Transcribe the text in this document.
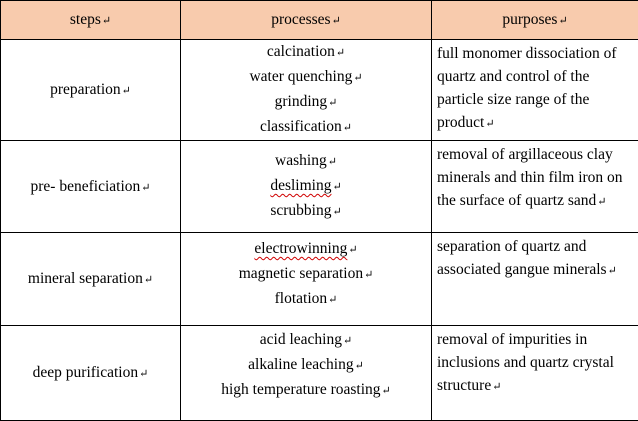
steps↵	processes↵	purposes↵
preparation↵	calcination↵
water quenching↵
grinding↵
classification↵	full monomer dissociation of quartz and control of the particle size range of the product↵
pre- beneficiation↵	washing↵
desliming↵
scrubbing↵	removal of argillaceous clay minerals and thin film iron on the surface of quartz sand↵
mineral separation↵	electrowinning↵
magnetic separation↵
flotation↵	separation of quartz and associated gangue minerals↵
deep purification↵	acid leaching↵
alkaline leaching↵
high temperature roasting↵	removal of impurities in inclusions and quartz crystal structure↵
